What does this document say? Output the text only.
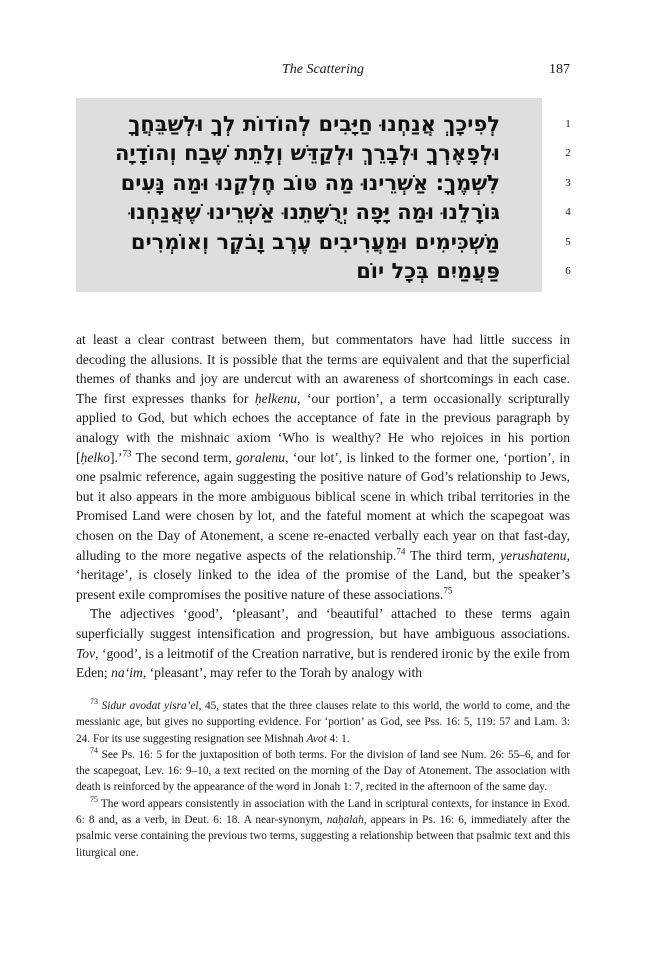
The Scattering	187
לְפִיכָךְ אֲנַחְנוּ חַיָּבִים לְהוֹדוֹת לְךָ וּלְשַׁבֵּחֲךָ
וּלְפָאֶרְךָ וּלְבָרֵךְ וּלְקַדֵּשׁ וְלָתֵת שֶׁבַח וְהוֹדָיָה
לִשְׁמֶךָ: אַשְׁרֵינוּ מַה טּוֹב חֶלְקֵנוּ וּמַה נָּעִים
גּוֹרָלֵנוּ וּמַה יָּפָה יְרֻשָּׁתֵנוּ אַשְׁרֵינוּ שֶׁאֲנַחְנוּ
מַשְׁכִּימִים וּמַעֲרִיבִים עֶרֶב וָבֹקֶר וְאוֹמְרִים
פַּעֲמַיִם בְּכָל יוֹם
1
2
3
4
5
6

at least a clear contrast between them, but commentators have had little success in decoding the allusions. It is possible that the terms are equivalent and that the superficial themes of thanks and joy are undercut with an awareness of shortcomings in each case. The first expresses thanks for ḥelkenu, ‘our portion’, a term occasionally scripturally applied to God, but which echoes the acceptance of fate in the previous paragraph by analogy with the mishnaic axiom ‘Who is wealthy? He who rejoices in his portion [ḥelko].’$^{73}$ The second term, goralenu, ‘our lot’, is linked to the former one, ‘portion’, in one psalmic reference, again suggesting the positive nature of God’s relationship to Jews, but it also appears in the more ambiguous biblical scene in which tribal territories in the Promised Land were chosen by lot, and the fateful moment at which the scapegoat was chosen on the Day of Atonement, a scene re-enacted verbally each year on that fast-day, alluding to the more negative aspects of the relationship.$^{74}$ The third term, yerushatenu, ‘heritage’, is closely linked to the idea of the promise of the Land, but the speaker’s present exile compromises the positive nature of these associations.$^{75}$

The adjectives ‘good’, ‘pleasant’, and ‘beautiful’ attached to these terms again superficially suggest intensification and progression, but have ambiguous associations. Tov, ‘good’, is a leitmotif of the Creation narrative, but is rendered ironic by the exile from Eden; na‘im, ‘pleasant’, may refer to the Torah by analogy with

$^{73}$ Sidur avodat yisra’el, 45, states that the three clauses relate to this world, the world to come, and the messianic age, but gives no supporting evidence. For ‘portion’ as God, see Pss. 16: 5, 119: 57 and Lam. 3: 24. For its use suggesting resignation see Mishnah Avot 4: 1.

$^{74}$ See Ps. 16: 5 for the juxtaposition of both terms. For the division of land see Num. 26: 55–6, and for the scapegoat, Lev. 16: 9–10, a text recited on the morning of the Day of Atonement. The association with death is reinforced by the appearance of the word in Jonah 1: 7, recited in the afternoon of the same day.

$^{75}$ The word appears consistently in association with the Land in scriptural contexts, for instance in Exod. 6: 8 and, as a verb, in Deut. 6: 18. A near-synonym, naḥalah, appears in Ps. 16: 6, immediately after the psalmic verse containing the previous two terms, suggesting a relationship between that psalmic text and this liturgical one.
